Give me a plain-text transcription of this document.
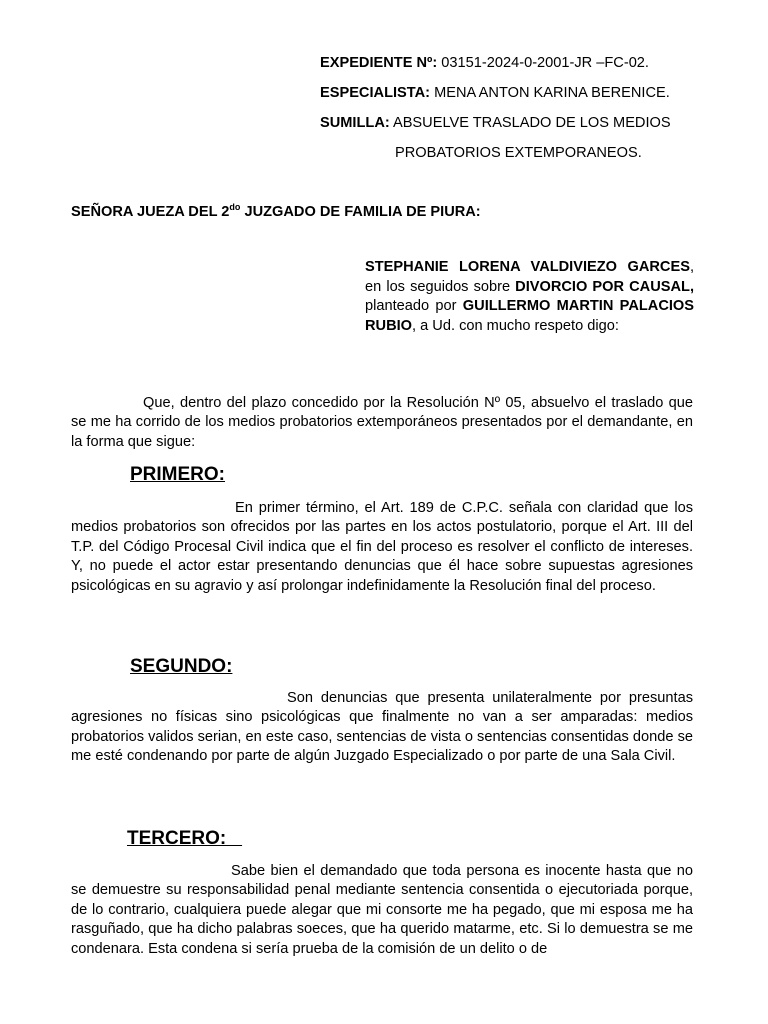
EXPEDIENTE Nº: 03151-2024-0-2001-JR –FC-02.
ESPECIALISTA: MENA ANTON KARINA BERENICE.
SUMILLA: ABSUELVE TRASLADO DE LOS MEDIOS
PROBATORIOS EXTEMPORANEOS.
SEÑORA JUEZA DEL $2^{do}$ JUZGADO DE FAMILIA DE PIURA:
STEPHANIE LORENA VALDIVIEZO GARCES, en los seguidos sobre DIVORCIO POR CAUSAL, planteado por GUILLERMO MARTIN PALACIOS RUBIO, a Ud. con mucho respeto digo:
Que, dentro del plazo concedido por la Resolución Nº 05, absuelvo el traslado que se me ha corrido de los medios probatorios extemporáneos presentados por el demandante, en la forma que sigue:
PRIMERO:
En primer término, el Art. 189 de C.P.C. señala con claridad que los medios probatorios son ofrecidos por las partes en los actos postulatorio, porque el Art. III del T.P. del Código Procesal Civil indica que el fin del proceso es resolver el conflicto de intereses. Y, no puede el actor estar presentando denuncias que él hace sobre supuestas agresiones psicológicas en su agravio y así prolongar indefinidamente la Resolución final del proceso.
SEGUNDO:
Son denuncias que presenta unilateralmente por presuntas agresiones no físicas sino psicológicas que finalmente no van a ser amparadas: medios probatorios validos serian, en este caso, sentencias de vista o sentencias consentidas donde se me esté condenando por parte de algún Juzgado Especializado o por parte de una Sala Civil.
TERCERO:
Sabe bien el demandado que toda persona es inocente hasta que no se demuestre su responsabilidad penal mediante sentencia consentida o ejecutoriada porque, de lo contrario, cualquiera puede alegar que mi consorte me ha pegado, que mi esposa me ha rasguñado, que ha dicho palabras soeces, que ha querido matarme, etc. Si lo demuestra se me condenara. Esta condena si sería prueba de la comisión de un delito o de
